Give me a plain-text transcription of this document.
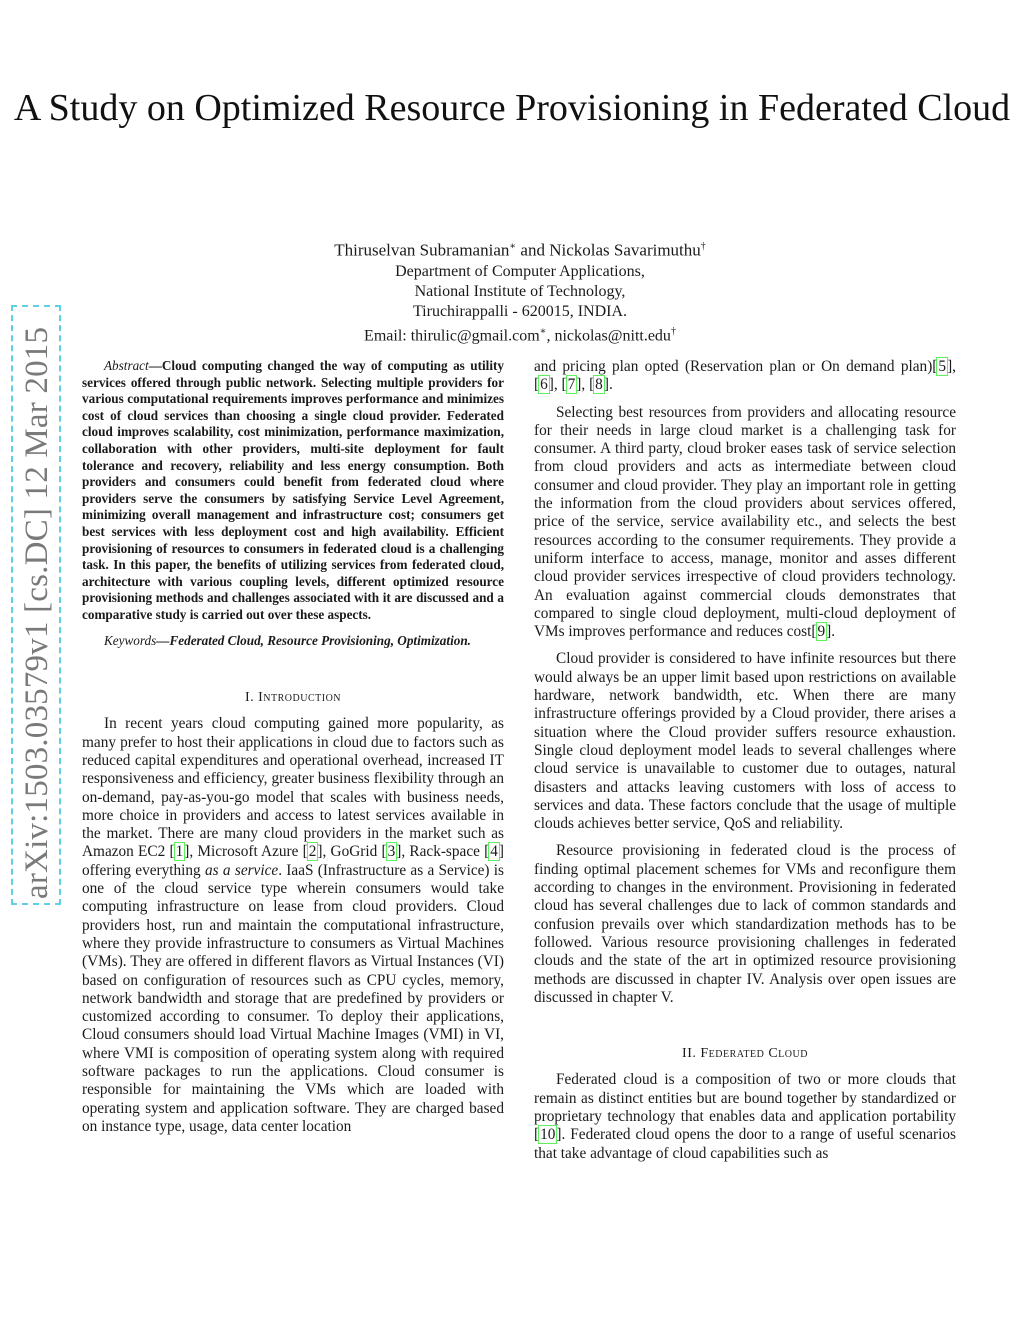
A Study on Optimized Resource Provisioning in Federated Cloud
Thiruselvan Subramanian∗ and Nickolas Savarimuthu†
Department of Computer Applications,
National Institute of Technology,
Tiruchirappalli - 620015, INDIA.
Email: thirulic@gmail.com∗, nickolas@nitt.edu†
arXiv:1503.03579v1 [cs.DC] 12 Mar 2015	Abstract—Cloud computing changed the way of computing as utility services offered through public network. Selecting multiple providers for various computational requirements improves performance and minimizes cost of cloud services than choosing a single cloud provider. Federated cloud improves scalability, cost minimization, performance maximization, collaboration with other providers, multi-site deployment for fault tolerance and recovery, reliability and less energy consumption. Both providers and consumers could benefit from federated cloud where providers serve the consumers by satisfying Service Level Agreement, minimizing overall management and infrastructure cost; consumers get best services with less deployment cost and high availability. Efficient provisioning of resources to consumers in federated cloud is a challenging task. In this paper, the benefits of utilizing services from federated cloud, architecture with various coupling levels, different optimized resource provisioning methods and challenges associated with it are discussed and a comparative study is carried out over these aspects.

Keywords—Federated Cloud, Resource Provisioning, Optimization.

I. Introduction

In recent years cloud computing gained more popularity, as many prefer to host their applications in cloud due to factors such as reduced capital expenditures and operational overhead, increased IT responsiveness and efficiency, greater business flexibility through an on-demand, pay-as-you-go model that scales with business needs, more choice in providers and access to latest services available in the market. There are many cloud providers in the market such as Amazon EC2 [1], Microsoft Azure [2], GoGrid [3], Rack-space [4] offering everything as a service. IaaS (Infrastructure as a Service) is one of the cloud service type wherein consumers would take computing infrastructure on lease from cloud providers. Cloud providers host, run and maintain the computational infrastructure, where they provide infrastructure to consumers as Virtual Machines (VMs). They are offered in different flavors as Virtual Instances (VI) based on configuration of resources such as CPU cycles, memory, network bandwidth and storage that are predefined by providers or customized according to consumer. To deploy their applications, Cloud consumers should load Virtual Machine Images (VMI) in VI, where VMI is composition of operating system along with required software packages to run the applications. Cloud consumer is responsible for maintaining the VMs which are loaded with operating system and application software. They are charged based on instance type, usage, data center location

and pricing plan opted (Reservation plan or On demand plan)[5], [6], [7], [8].

Selecting best resources from providers and allocating resource for their needs in large cloud market is a challenging task for consumer. A third party, cloud broker eases task of service selection from cloud providers and acts as intermediate between cloud consumer and cloud provider. They play an important role in getting the information from the cloud providers about services offered, price of the service, service availability etc., and selects the best resources according to the consumer requirements. They provide a uniform interface to access, manage, monitor and asses different cloud provider services irrespective of cloud providers technology. An evaluation against commercial clouds demonstrates that compared to single cloud deployment, multi-cloud deployment of VMs improves performance and reduces cost[9].

Cloud provider is considered to have infinite resources but there would always be an upper limit based upon restrictions on available hardware, network bandwidth, etc. When there are many infrastructure offerings provided by a Cloud provider, there arises a situation where the Cloud provider suffers resource exhaustion. Single cloud deployment model leads to several challenges where cloud service is unavailable to customer due to outages, natural disasters and attacks leaving customers with loss of access to services and data. These factors conclude that the usage of multiple clouds achieves better service, QoS and reliability.

Resource provisioning in federated cloud is the process of finding optimal placement schemes for VMs and reconfigure them according to changes in the environment. Provisioning in federated cloud has several challenges due to lack of common standards and confusion prevails over which standardization methods has to be followed. Various resource provisioning challenges in federated clouds and the state of the art in optimized resource provisioning methods are discussed in chapter IV. Analysis over open issues are discussed in chapter V.

II. Federated Cloud

Federated cloud is a composition of two or more clouds that remain as distinct entities but are bound together by standardized or proprietary technology that enables data and application portability [10]. Federated cloud opens the door to a range of useful scenarios that take advantage of cloud capabilities such as
